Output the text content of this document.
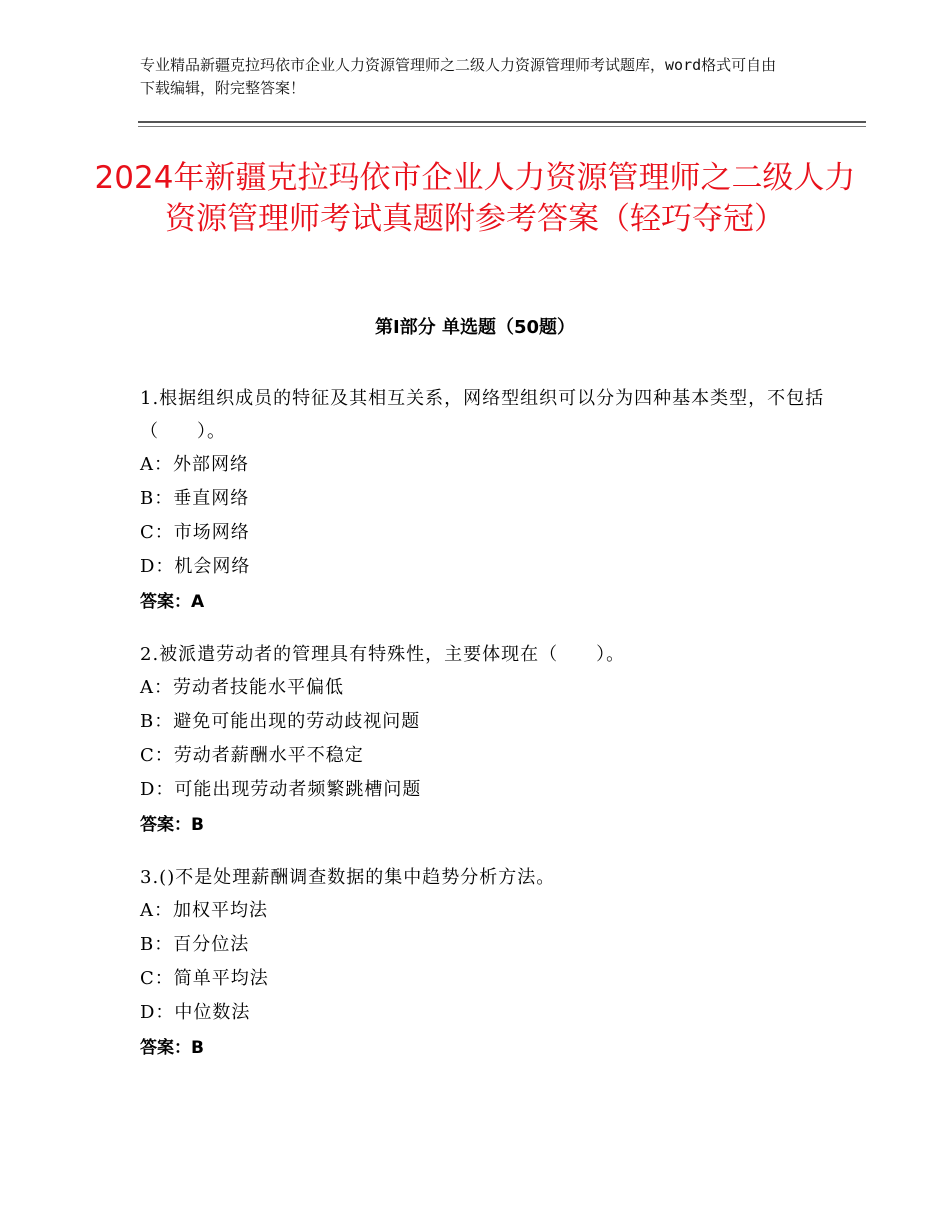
专业精品新疆克拉玛依市企业人力资源管理师之二级人力资源管理师考试题库，word格式可自由下载编辑，附完整答案！
2024年新疆克拉玛依市企业人力资源管理师之二级人力资源管理师考试真题附参考答案（轻巧夺冠）
第Ⅰ部分 单选题（50题）
1.根据组织成员的特征及其相互关系，网络型组织可以分为四种基本类型，不包括（　　）。
A：外部网络
B：垂直网络
C：市场网络
D：机会网络
答案：A
2.被派遣劳动者的管理具有特殊性，主要体现在（　　）。
A：劳动者技能水平偏低
B：避免可能出现的劳动歧视问题
C：劳动者薪酬水平不稳定
D：可能出现劳动者频繁跳槽问题
答案：B
3.()不是处理薪酬调查数据的集中趋势分析方法。
A：加权平均法
B：百分位法
C：简单平均法
D：中位数法
答案：B
